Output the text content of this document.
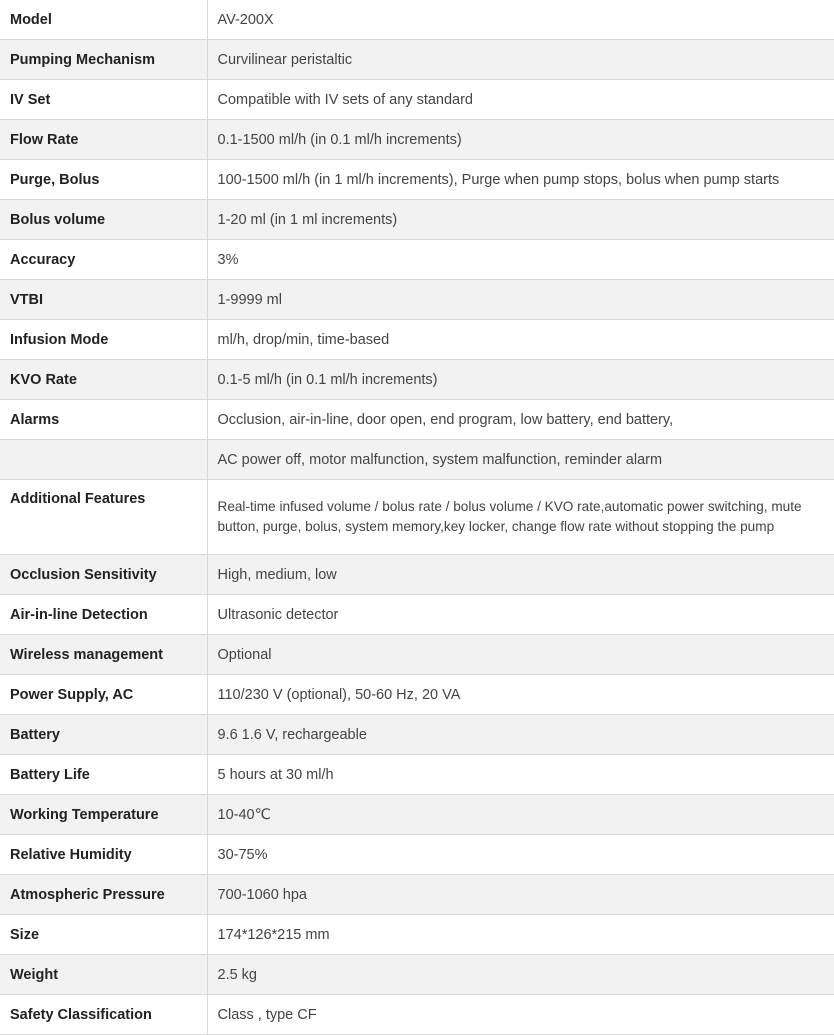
Model	AV-200X
Pumping Mechanism	Curvilinear peristaltic
IV Set	Compatible with IV sets of any standard
Flow Rate	0.1-1500 ml/h (in 0.1 ml/h increments)
Purge, Bolus	100-1500 ml/h (in 1 ml/h increments), Purge when pump stops, bolus when pump starts
Bolus volume	1-20 ml (in 1 ml increments)
Accuracy	3%
VTBI	1-9999 ml
Infusion Mode	ml/h, drop/min, time-based
KVO Rate	0.1-5 ml/h (in 0.1 ml/h increments)
Alarms	Occlusion, air-in-line, door open, end program, low battery, end battery,
	AC power off, motor malfunction, system malfunction, reminder alarm
Additional Features	Real-time infused volume / bolus rate / bolus volume / KVO rate,automatic power switching, mute button, purge, bolus, system memory,key locker, change flow rate without stopping the pump
Occlusion Sensitivity	High, medium, low
Air-in-line Detection	Ultrasonic detector
Wireless management	Optional
Power Supply, AC	110/230 V (optional), 50-60 Hz, 20 VA
Battery	9.6 1.6 V, rechargeable
Battery Life	5 hours at 30 ml/h
Working Temperature	10-40℃
Relative Humidity	30-75%
Atmospheric Pressure	700-1060 hpa
Size	174*126*215 mm
Weight	2.5 kg
Safety Classification	Class , type CF
